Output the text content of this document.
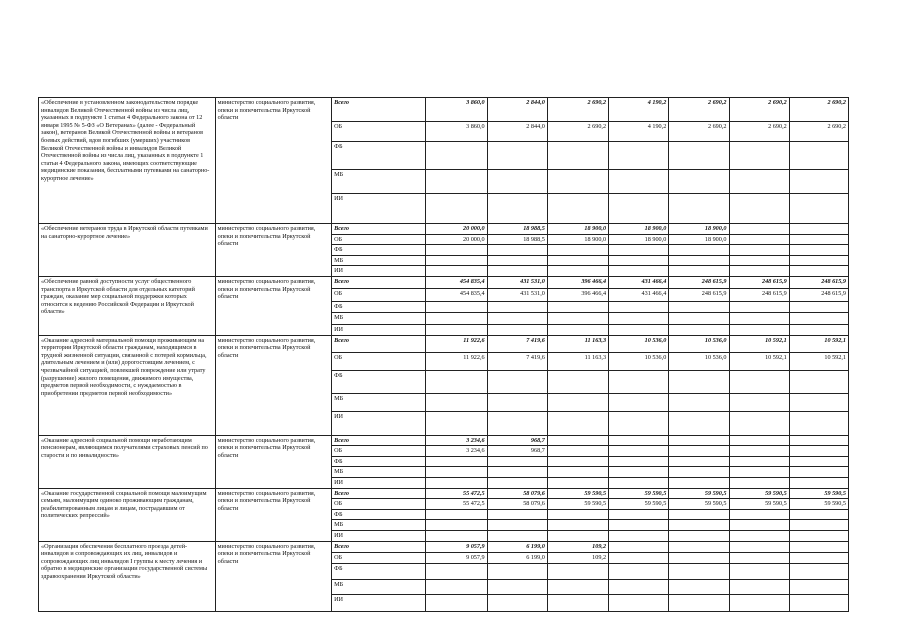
«Обеспечение в установленном законодательством порядке инвалидов Великой Отечественной войны из числа лиц, указанных в подпункте 1 статьи 4 Федерального закона от 12 января 1995 № 5-ФЗ «О Ветеранах» (далее - Федеральный закон), ветеранов Великой Отечественной войны и ветеранов боевых действий, вдов погибших (умерших) участников Великой Отечественной войны и инвалидов Великой Отечественной войны из числа лиц, указанных в подпункте 1 статьи 4 Федерального закона, имеющих соответствующие медицинские показания, бесплатными путевками на санаторно-курортное лечение»	министерство социального развития, опеки и попечительства Иркутской области	Всего	3 860,0	2 844,0	2 690,2	4 190,2	2 690,2	2 690,2	2 690,2
		ОБ	3 860,0	2 844,0	2 690,2	4 190,2	2 690,2	2 690,2	2 690,2
		ФБ							
		МБ							
		ИИ							
«Обеспечение ветеранов труда в Иркутской области путевками на санаторно-курортное лечение»	министерство социального развития, опеки и попечительства Иркутской области	Всего	20 000,0	18 988,5	18 900,0	18 900,0	18 900,0		
		ОБ	20 000,0	18 988,5	18 900,0	18 900,0	18 900,0		
		ФБ							
		МБ							
		ИИ							
«Обеспечение равной доступности услуг общественного транспорта в Иркутской области для отдельных категорий граждан, оказание мер социальной поддержки которых относится к ведению Российской Федерации и Иркутской области»	министерство социального развития, опеки и попечительства Иркутской области	Всего	454 835,4	431 531,0	396 466,4	431 466,4	248 615,9	248 615,9	248 615,9
		ОБ	454 835,4	431 531,0	396 466,4	431 466,4	248 615,9	248 615,9	248 615,9
		ФБ							
		МБ							
		ИИ							
«Оказание адресной материальной помощи проживающим на территории Иркутской области гражданам, находящимся в трудной жизненной ситуации, связанной с потерей кормильца, длительным лечением и (или) дорогостоящим лечением, с чрезвычайной ситуацией, повлекшей повреждение или утрату (разрушение) жилого помещения, движимого имущества, предметов первой необходимости, с нуждаемостью в приобретении предметов первой необходимости»	министерство социального развития, опеки и попечительства Иркутской области	Всего	11 922,6	7 419,6	11 163,3	10 536,0	10 536,0	10 592,1	10 592,1
		ОБ	11 922,6	7 419,6	11 163,3	10 536,0	10 536,0	10 592,1	10 592,1
		ФБ							
		МБ							
		ИИ							
«Оказание адресной социальной помощи неработающим пенсионерам, являющимся получателями страховых пенсий по старости и по инвалидности»	министерство социального развития, опеки и попечительства Иркутской области	Всего	3 234,6	968,7					
		ОБ	3 234,6	968,7					
		ФБ							
		МБ							
		ИИ							
«Оказание государственной социальной помощи малоимущим семьям, малоимущим одиноко проживающим гражданам, реабилитированным лицам и лицам, пострадавшим от политических репрессий»	министерство социального развития, опеки и попечительства Иркутской области	Всего	55 472,5	58 079,6	59 590,5	59 590,5	59 590,5	59 590,5	59 590,5
		ОБ	55 472,5	58 079,6	59 590,5	59 590,5	59 590,5	59 590,5	59 590,5
		ФБ							
		МБ							
		ИИ							
«Организация обеспечения бесплатного проезда детей-инвалидов и сопровождающих их лиц, инвалидов и сопровождающих лиц инвалидов I группы к месту лечения и обратно в медицинские организации государственной системы здравоохранения Иркутской области»	министерство социального развития, опеки и попечительства Иркутской области	Всего	9 057,9	6 199,0	109,2				
		ОБ	9 057,9	6 199,0	109,2				
		ФБ							
		МБ							
		ИИ							
